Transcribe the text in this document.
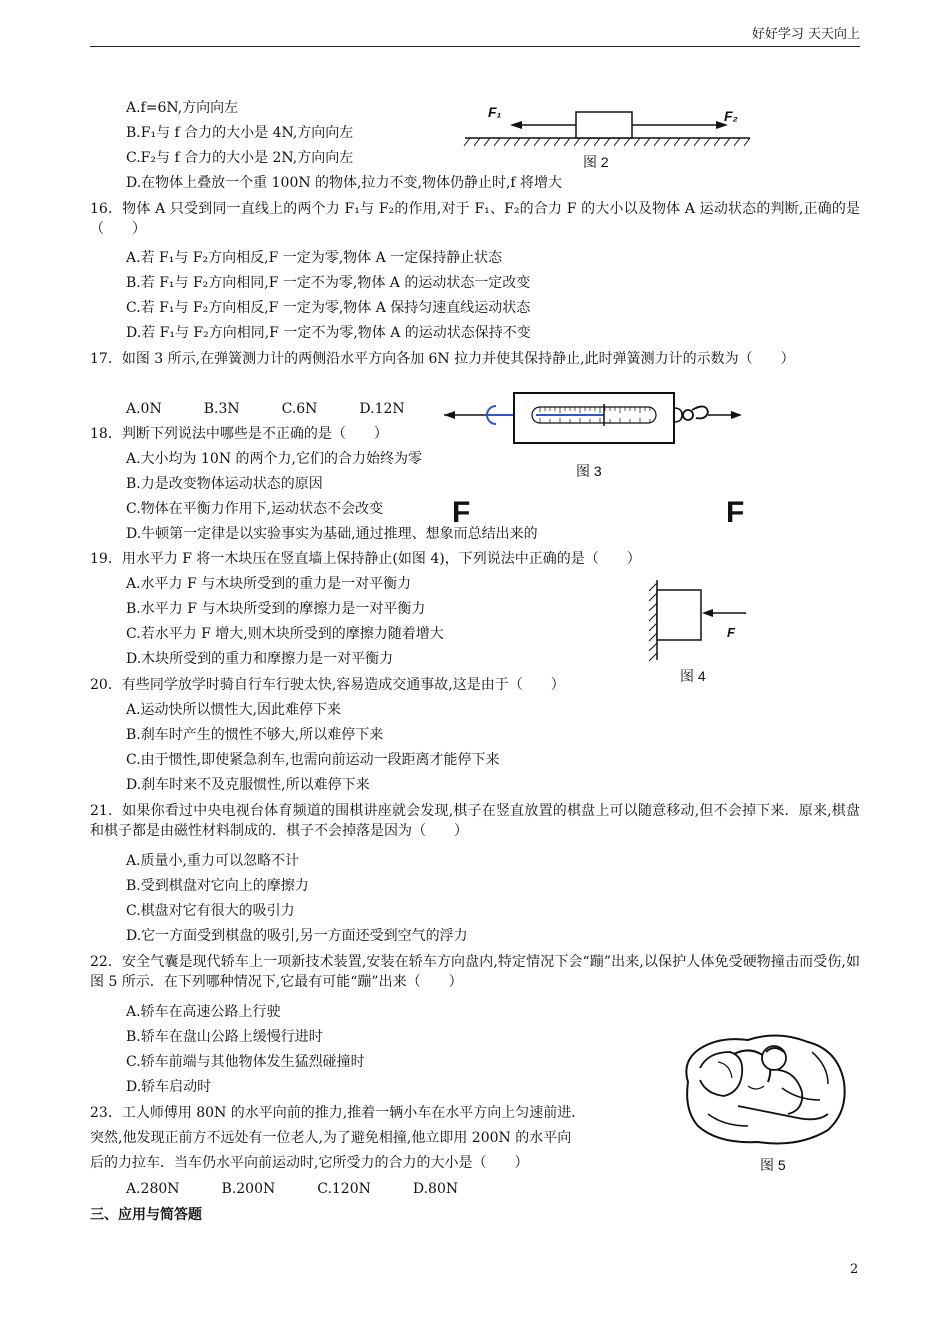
好好学习 天天向上
A.f=6N,方向向左
B.F₁与 f 合力的大小是 4N,方向向左
C.F₂与 f 合力的大小是 2N,方向向左
D.在物体上叠放一个重 100N 的物体,拉力不变,物体仍静止时,f 将增大
16．物体 A 只受到同一直线上的两个力 F₁与 F₂的作用,对于 F₁、F₂的合力 F 的大小以及物体 A 运动状态的判断,正确的是（　　）
A.若 F₁与 F₂方向相反,F 一定为零,物体 A 一定保持静止状态
B.若 F₁与 F₂方向相同,F 一定不为零,物体 A 的运动状态一定改变
C.若 F₁与 F₂方向相反,F 一定为零,物体 A 保持匀速直线运动状态
D.若 F₁与 F₂方向相同,F 一定不为零,物体 A 的运动状态保持不变
17．如图 3 所示,在弹簧测力计的两侧沿水平方向各加 6N 拉力并使其保持静止,此时弹簧测力计的示数为（　　）
A.0N　　　B.3N　　　C.6N　　　D.12N
18．判断下列说法中哪些是不正确的是（　　）
A.大小均为 10N 的两个力,它们的合力始终为零
B.力是改变物体运动状态的原因
C.物体在平衡力作用下,运动状态不会改变
D.牛顿第一定律是以实验事实为基础,通过推理、想象而总结出来的
19．用水平力 F 将一木块压在竖直墙上保持静止(如图 4)，下列说法中正确的是（　　）
A.水平力 F 与木块所受到的重力是一对平衡力
B.水平力 F 与木块所受到的摩擦力是一对平衡力
C.若水平力 F 增大,则木块所受到的摩擦力随着增大
D.木块所受到的重力和摩擦力是一对平衡力
20．有些同学放学时骑自行车行驶太快,容易造成交通事故,这是由于（　　）
A.运动快所以惯性大,因此难停下来
B.刹车时产生的惯性不够大,所以难停下来
C.由于惯性,即使紧急刹车,也需向前运动一段距离才能停下来
D.刹车时来不及克服惯性,所以难停下来
21．如果你看过中央电视台体育频道的围棋讲座就会发现,棋子在竖直放置的棋盘上可以随意移动,但不会掉下来．原来,棋盘和棋子都是由磁性材料制成的．棋子不会掉落是因为（　　）
A.质量小,重力可以忽略不计
B.受到棋盘对它向上的摩擦力
C.棋盘对它有很大的吸引力
D.它一方面受到棋盘的吸引,另一方面还受到空气的浮力
22．安全气囊是现代轿车上一项新技术装置,安装在轿车方向盘内,特定情况下会“蹦”出来,以保护人体免受硬物撞击而受伤,如图 5 所示．在下列哪种情况下,它最有可能“蹦”出来（　　）
A.轿车在高速公路上行驶
B.轿车在盘山公路上缓慢行进时
C.轿车前端与其他物体发生猛烈碰撞时
D.轿车启动时
23．工人师傅用 80N 的水平向前的推力,推着一辆小车在水平方向上匀速前进．
突然,他发现正前方不远处有一位老人,为了避免相撞,他立即用 200N 的水平向
后的力拉车．当车仍水平向前运动时,它所受力的合力的大小是（　　）
A.280N　　　B.200N　　　C.120N　　　D.80N
三、应用与简答题
F₁	F₂
图 2
图 3
F	F
F
图 4
图 5
2
